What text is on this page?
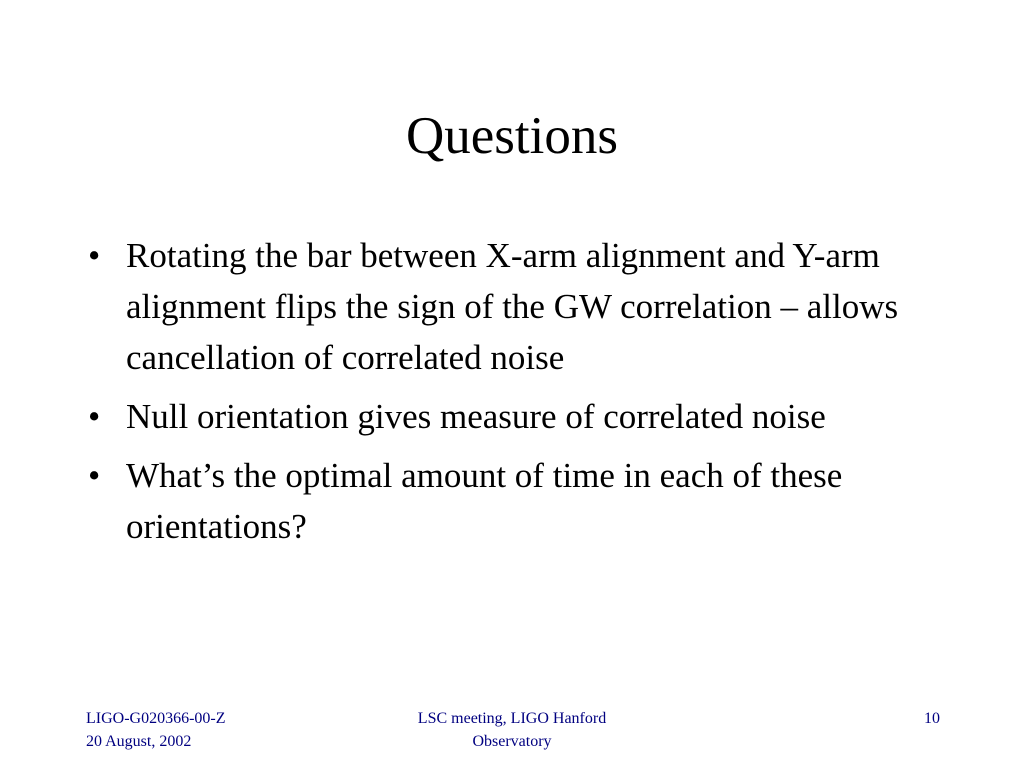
Questions
• Rotating the bar between X-arm alignment and Y-arm alignment flips the sign of the GW correlation – allows cancellation of correlated noise
• Null orientation gives measure of correlated noise
• What’s the optimal amount of time in each of these orientations?
LIGO-G020366-00-Z
20 August, 2002
LSC meeting, LIGO Hanford
Observatory
10
